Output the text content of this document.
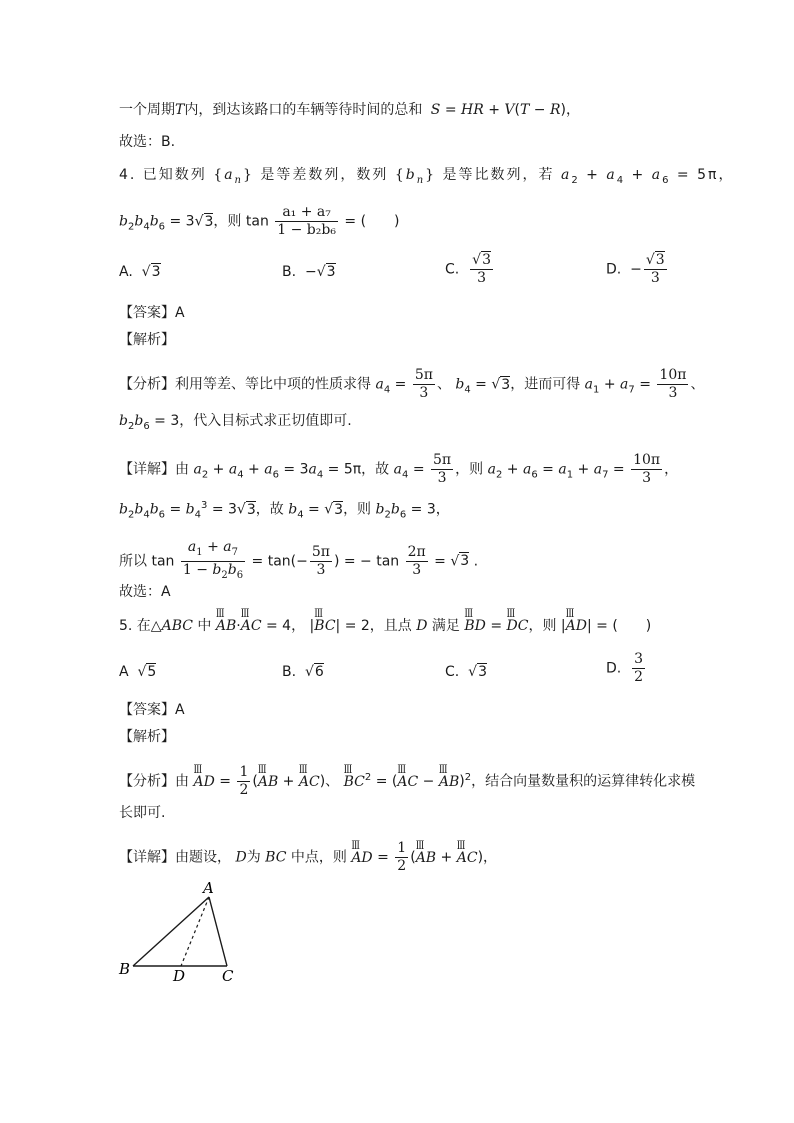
一个周期T内，到达该路口的车辆等待时间的总和 S = HR + V(T − R)，
故选：B.
4. 已知数列 $\{a_n\}$ 是等差数列，数列 $\{b_n\}$ 是等比数列，若 $a_2 + a_4 + a_6 = 5\pi$，
$b_2b_4b_6 = 3√3$，则 $\tan \frac{\text{a₁ + a₇}}{\text{1 − b₂b₆}}$ = (　　)
A.  √3	B.  −√3	C. $\frac{√3}{3}$	D.  − $\frac{√3}{3}$
【答案】A
【解析】
【分析】利用等差、等比中项的性质求得 $a_4 = \frac{5\pi}{3}$ 、 $b_4 = √3$，进而可得 $a_1 + a_7 = \frac{10\pi}{3}$ 、
$b_2b_6 = 3$，代入目标式求正切值即可.
【详解】由 $a_2 + a_4 + a_6 = 3a_4 = 5\pi$，故 $a_4 = \frac{5\pi}{3}$ ，则 $a_2 + a_6 = a_1 + a_7 = \frac{10\pi}{3}$ ，
$b_2b_4b_6 = b_4^3 = 3√3$，故 $b_4 = √3$，则 $b_2b_6 = 3$，
所以 $\tan \frac{a_1 + a_7}{1 - b_2b_6} = \tan(- \frac{5\pi}{3}$ ) = − $\tan \frac{2\pi}{3} = √3$ .
故选：A
5. 在△ABC 中 ꟾꟾꟾ AB·ꟾꟾꟾ AC = 4， |ꟾꟾꟾ BC| = 2，且点 D 满足 ꟾꟾꟾ BD = ꟾꟾꟾ DC，则 |ꟾꟾꟾ AD| = (　　)
A  √5	B.  √6	C.  √3	D. $\frac{3}{2}$
【答案】A
【解析】
【分析】由 ꟾꟾꟾ AD = $\frac{1}{2}$ (ꟾꟾꟾ AB + ꟾꟾꟾ AC)、 ꟾꟾꟾ $BC^2$ = (ꟾꟾꟾ AC − ꟾꟾꟾ AB)$^2$，结合向量数量积的运算律转化求模
长即可.
【详解】由题设， D为 BC 中点，则 ꟾꟾꟾ AD = $\frac{1}{2}$ (ꟾꟾꟾ AB + ꟾꟾꟾ AC)，
A
B	D C
